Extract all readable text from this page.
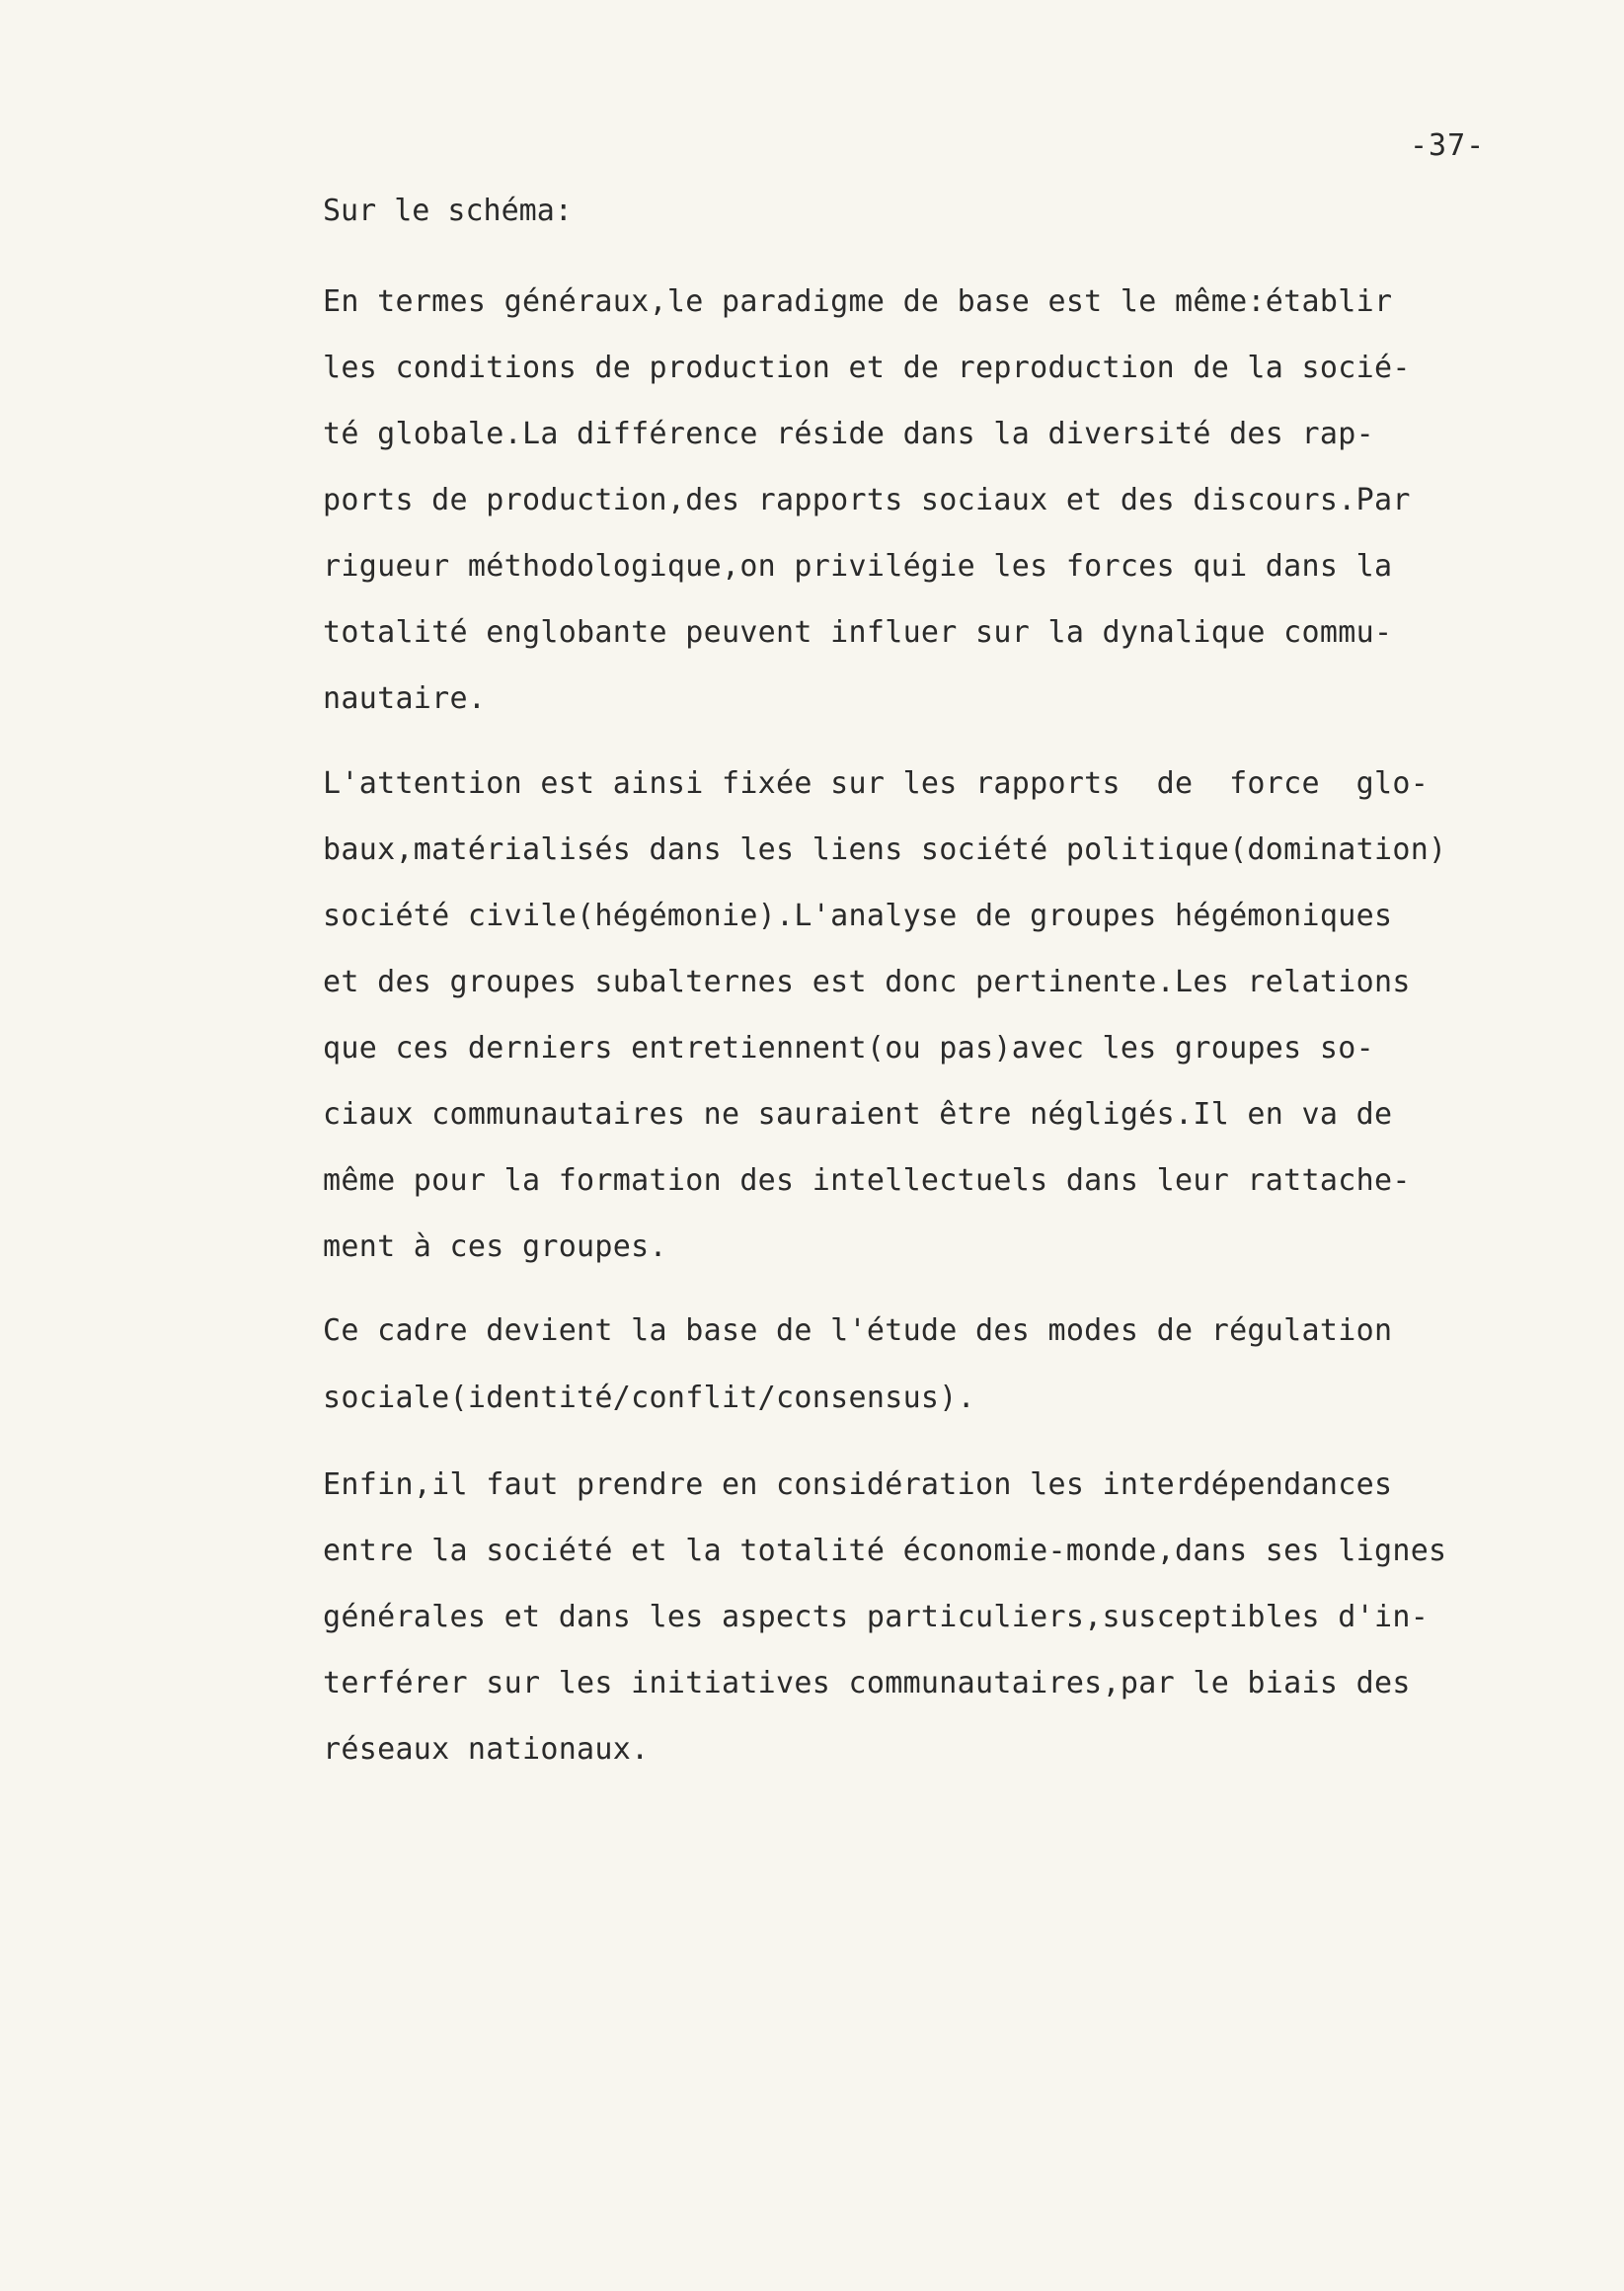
-37-
Sur le schéma:
En termes généraux,le paradigme de base est le même:établir
les conditions de production et de reproduction de la socié-
té globale.La différence réside dans la diversité des rap-
ports de production,des rapports sociaux et des discours.Par
rigueur méthodologique,on privilégie les forces qui dans la
totalité englobante peuvent influer sur la dynalique commu-
nautaire.
L'attention est ainsi fixée sur les rapports  de  force  glo-
baux,matérialisés dans les liens société politique(domination)
société civile(hégémonie).L'analyse de groupes hégémoniques
et des groupes subalternes est donc pertinente.Les relations
que ces derniers entretiennent(ou pas)avec les groupes so-
ciaux communautaires ne sauraient être négligés.Il en va de
même pour la formation des intellectuels dans leur rattache-
ment à ces groupes.
Ce cadre devient la base de l'étude des modes de régulation
sociale(identité/conflit/consensus).
Enfin,il faut prendre en considération les interdépendances
entre la société et la totalité économie-monde,dans ses lignes
générales et dans les aspects particuliers,susceptibles d'in-
terférer sur les initiatives communautaires,par le biais des
réseaux nationaux.
